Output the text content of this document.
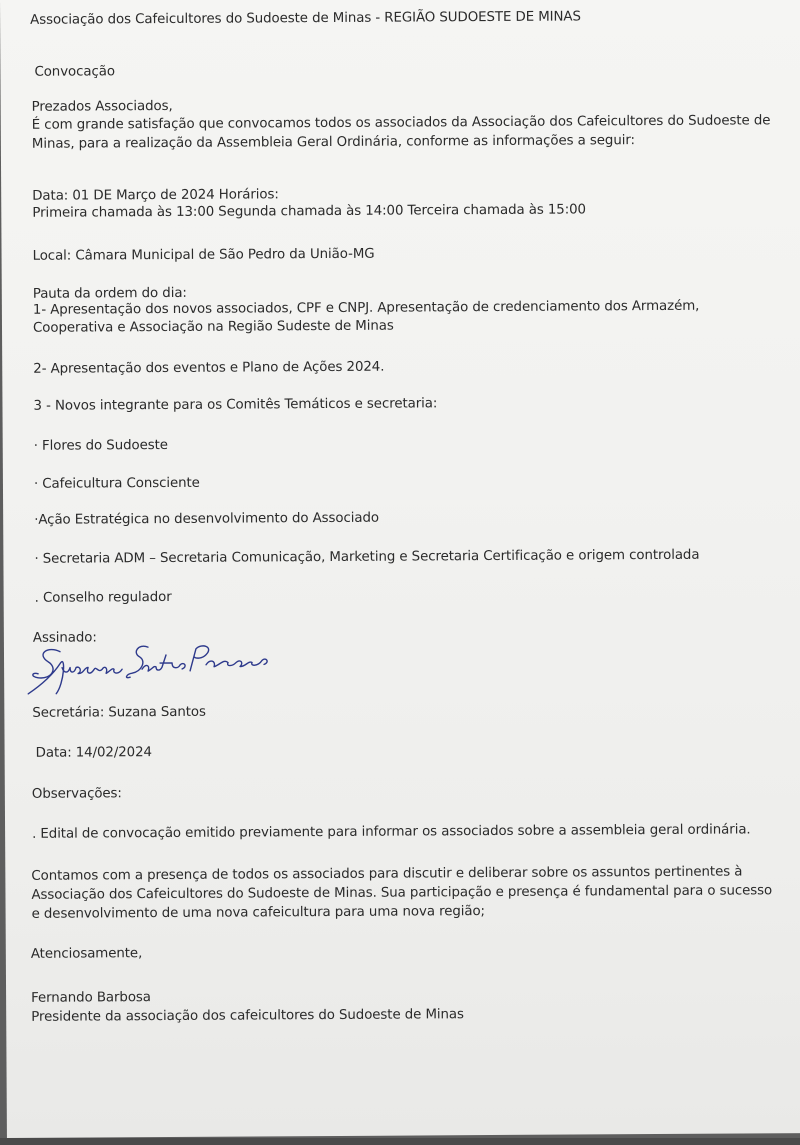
Associação dos Cafeicultores do Sudoeste de Minas - REGIÃO SUDOESTE DE MINAS
Convocação
Prezados Associados,
É com grande satisfação que convocamos todos os associados da Associação dos Cafeicultores do Sudoeste de
Minas, para a realização da Assembleia Geral Ordinária, conforme as informações a seguir:
Data: 01 DE Março de 2024 Horários:
Primeira chamada às 13:00 Segunda chamada às 14:00 Terceira chamada às 15:00
Local: Câmara Municipal de São Pedro da União-MG
Pauta da ordem do dia:
1- Apresentação dos novos associados, CPF e CNPJ. Apresentação de credenciamento dos Armazém,
Cooperativa e Associação na Região Sudeste de Minas
2- Apresentação dos eventos e Plano de Ações 2024.
3 - Novos integrante para os Comitês Temáticos e secretaria:
· Flores do Sudoeste
· Cafeicultura Consciente
·Ação Estratégica no desenvolvimento do Associado
· Secretaria ADM – Secretaria Comunicação, Marketing e Secretaria Certificação e origem controlada
. Conselho regulador
Assinado:
Secretária: Suzana Santos
Data: 14/02/2024
Observações:
. Edital de convocação emitido previamente para informar os associados sobre a assembleia geral ordinária.
Contamos com a presença de todos os associados para discutir e deliberar sobre os assuntos pertinentes à
Associação dos Cafeicultores do Sudoeste de Minas. Sua participação e presença é fundamental para o sucesso
e desenvolvimento de uma nova cafeicultura para uma nova região;
Atenciosamente,
Fernando Barbosa
Presidente da associação dos cafeicultores do Sudoeste de Minas
